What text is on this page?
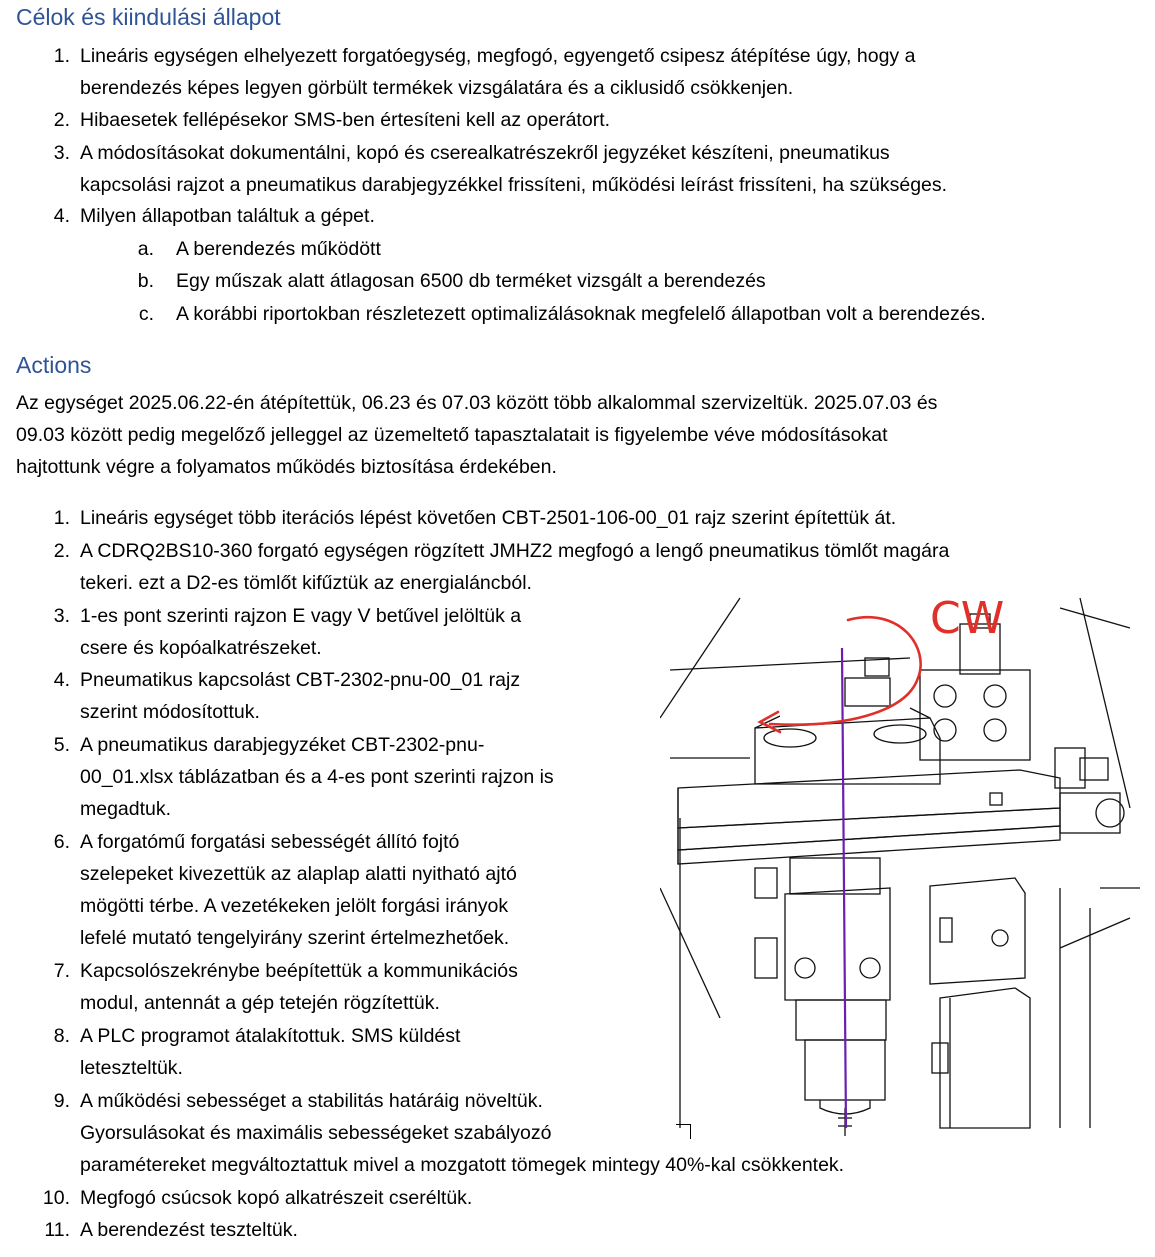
Célok és kiindulási állapot
1. Lineáris egységen elhelyezett forgatóegység, megfogó, egyengető csipesz átépítése úgy, hogy a
berendezés képes legyen görbült termékek vizsgálatára és a ciklusidő csökkenjen.
2. Hibaesetek fellépésekor SMS-ben értesíteni kell az operátort.
3. A módosításokat dokumentálni, kopó és cserealkatrészekről jegyzéket készíteni, pneumatikus
kapcsolási rajzot a pneumatikus darabjegyzékkel frissíteni, működési leírást frissíteni, ha szükséges.
4. Milyen állapotban találtuk a gépet.
a. A berendezés működött
b. Egy műszak alatt átlagosan 6500 db terméket vizsgált a berendezés
c. A korábbi riportokban részletezett optimalizálásoknak megfelelő állapotban volt a berendezés.
Actions

Az egységet 2025.06.22-én átépítettük, 06.23 és 07.03 között több alkalommal szervizeltük. 2025.07.03 és

09.03 között pedig megelőző jelleggel az üzemeltető tapasztalatait is figyelembe véve módosításokat

hajtottunk végre a folyamatos működés biztosítása érdekében.

1. Lineáris egységet több iterációs lépést követően CBT-2501-106-00_01 rajz szerint építettük át.
2. A CDRQ2BS10-360 forgató egységen rögzített JMHZ2 megfogó a lengő pneumatikus tömlőt magára
tekeri. ezt a D2-es tömlőt kifűztük az energialáncból.
3. 1-es pont szerinti rajzon E vagy V betűvel jelöltük a
csere és kopóalkatrészeket.
4. Pneumatikus kapcsolást CBT-2302-pnu-00_01 rajz
szerint módosítottuk.
5. A pneumatikus darabjegyzéket CBT-2302-pnu-
00_01.xlsx táblázatban és a 4-es pont szerinti rajzon is
megadtuk.
6. A forgatómű forgatási sebességét állító fojtó
szelepeket kivezettük az alaplap alatti nyitható ajtó
mögötti térbe. A vezetékeken jelölt forgási irányok
lefelé mutató tengelyirány szerint értelmezhetőek.
7. Kapcsolószekrénybe beépítettük a kommunikációs
modul, antennát a gép tetején rögzítettük.
8. A PLC programot átalakítottuk. SMS küldést
leteszteltük.
9. A működési sebességet a stabilitás határáig növeltük.
Gyorsulásokat és maximális sebességeket szabályozó
paramétereket megváltoztattuk mivel a mozgatott tömegek mintegy 40%-kal csökkentek.
10. Megfogó csúcsok kopó alkatrészeit cseréltük.
11. A berendezést teszteltük.
CW
